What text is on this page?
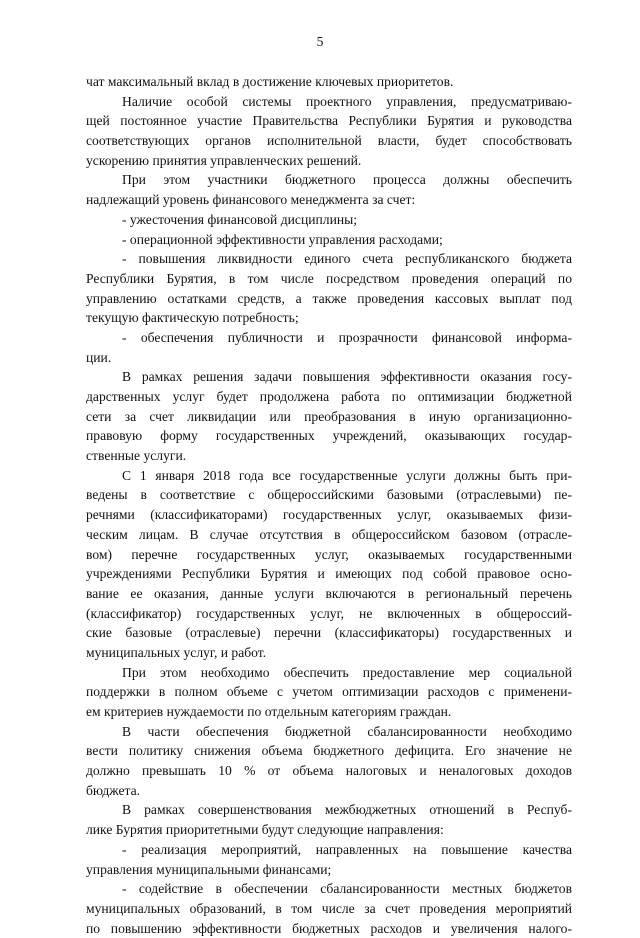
5
чат максимальный вклад в достижение ключевых приоритетов.
Наличие особой системы проектного управления, предусматриваю-
щей постоянное участие Правительства Республики Бурятия и руководства
соответствующих органов исполнительной власти, будет способствовать
ускорению принятия управленческих решений.
При этом участники бюджетного процесса должны обеспечить
надлежащий уровень финансового менеджмента за счет:
- ужесточения финансовой дисциплины;
- операционной эффективности управления расходами;
- повышения ликвидности единого счета республиканского бюджета
Республики Бурятия, в том числе посредством проведения операций по
управлению остатками средств, а также проведения кассовых выплат под
текущую фактическую потребность;
- обеспечения публичности и прозрачности финансовой информа-
ции.
В рамках решения задачи повышения эффективности оказания госу-
дарственных услуг будет продолжена работа по оптимизации бюджетной
сети за счет ликвидации или преобразования в иную организационно-
правовую форму государственных учреждений, оказывающих государ-
ственные услуги.
С 1 января 2018 года все государственные услуги должны быть при-
ведены в соответствие с общероссийскими базовыми (отраслевыми) пе-
речнями (классификаторами) государственных услуг, оказываемых физи-
ческим лицам. В случае отсутствия в общероссийском базовом (отрасле-
вом) перечне государственных услуг, оказываемых государственными
учреждениями Республики Бурятия и имеющих под собой правовое осно-
вание ее оказания, данные услуги включаются в региональный перечень
(классификатор) государственных услуг, не включенных в общероссий-
ские базовые (отраслевые) перечни (классификаторы) государственных и
муниципальных услуг, и работ.
При этом необходимо обеспечить предоставление мер социальной
поддержки в полном объеме с учетом оптимизации расходов с применени-
ем критериев нуждаемости по отдельным категориям граждан.
В части обеспечения бюджетной сбалансированности необходимо
вести политику снижения объема бюджетного дефицита. Его значение не
должно превышать 10 % от объема налоговых и неналоговых доходов
бюджета.
В рамках совершенствования межбюджетных отношений в Респуб-
лике Бурятия приоритетными будут следующие направления:
- реализация мероприятий, направленных на повышение качества
управления муниципальными финансами;
- содействие в обеспечении сбалансированности местных бюджетов
муниципальных образований, в том числе за счет проведения мероприятий
по повышению эффективности бюджетных расходов и увеличения налого-
